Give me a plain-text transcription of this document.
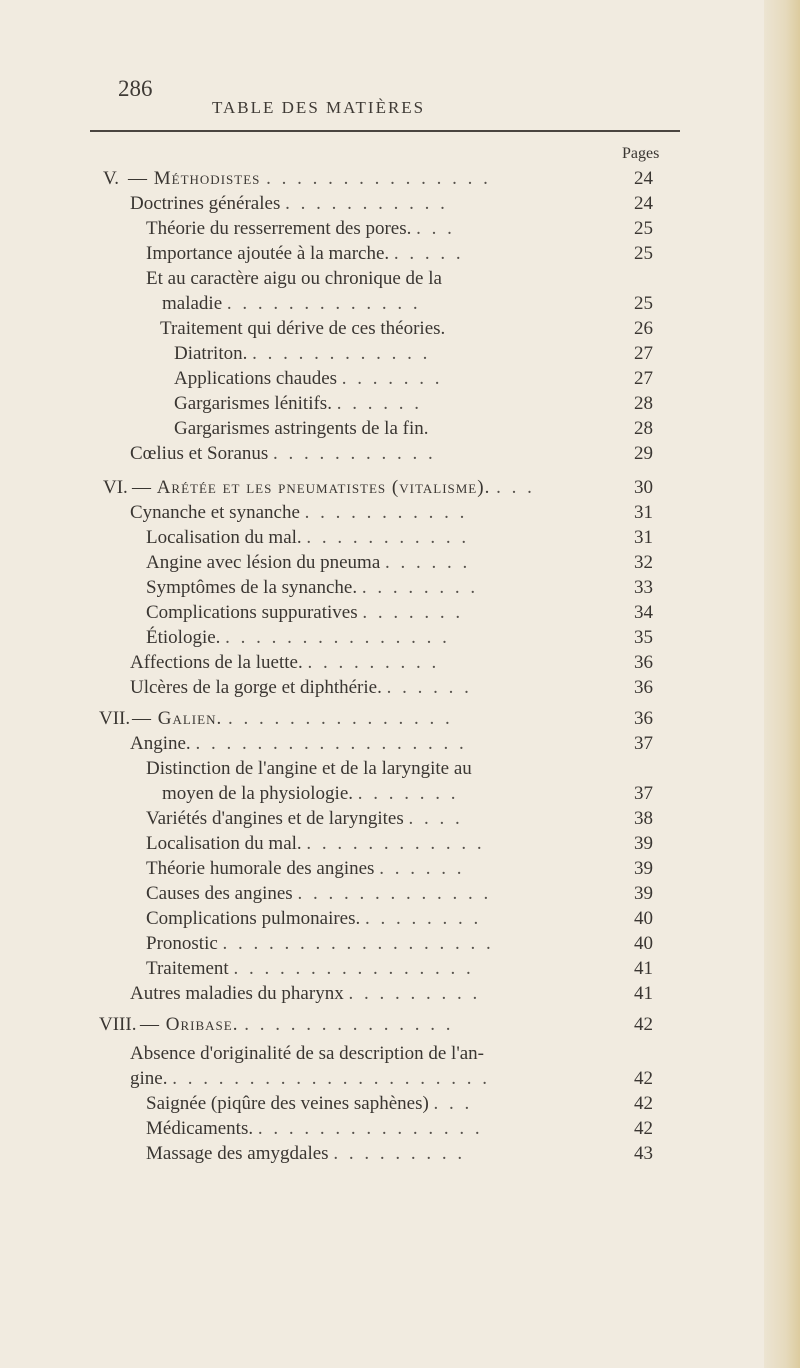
286
TABLE DES MATIÈRES
Pages
V. — Méthodistes . . . . . . . . . . . . . . .	24
Doctrines générales . . . . . . . . . . .	24
Théorie du resserrement des pores. . . .	25
Importance ajoutée à la marche. . . . . .	25
Et au caractère aigu ou chronique de la
maladie . . . . . . . . . . . . .	25
Traitement qui dérive de ces théories.	26
Diatriton. . . . . . . . . . . . .	27
Applications chaudes . . . . . . .	27
Gargarismes lénitifs. . . . . . .	28
Gargarismes astringents de la fin.	28
Cœlius et Soranus . . . . . . . . . . .	29
VI. — Arétée et les pneumatistes (vitalisme). . . .	30
Cynanche et synanche . . . . . . . . . . .	31
Localisation du mal. . . . . . . . . . . .	31
Angine avec lésion du pneuma . . . . . .	32
Symptômes de la synanche. . . . . . . . .	33
Complications suppuratives . . . . . . .	34
Étiologie. . . . . . . . . . . . . . . .	35
Affections de la luette. . . . . . . . . .	36
Ulcères de la gorge et diphthérie. . . . . . .	36
VII. — Galien. . . . . . . . . . . . . . . .	36
Angine. . . . . . . . . . . . . . . . . . .	37
Distinction de l'angine et de la laryngite au
moyen de la physiologie. . . . . . . .	37
Variétés d'angines et de laryngites . . . .	38
Localisation du mal. . . . . . . . . . . . .	39
Théorie humorale des angines . . . . . .	39
Causes des angines . . . . . . . . . . . . .	39
Complications pulmonaires. . . . . . . . .	40
Pronostic . . . . . . . . . . . . . . . . . .	40
Traitement . . . . . . . . . . . . . . . .	41
Autres maladies du pharynx . . . . . . . . .	41
VIII. — Oribase. . . . . . . . . . . . . . .	42
Absence d'originalité de sa description de l'an-
gine. . . . . . . . . . . . . . . . . . . . . .	42
Saignée (piqûre des veines saphènes) . . .	42
Médicaments. . . . . . . . . . . . . . . .	42
Massage des amygdales . . . . . . . . .	43
